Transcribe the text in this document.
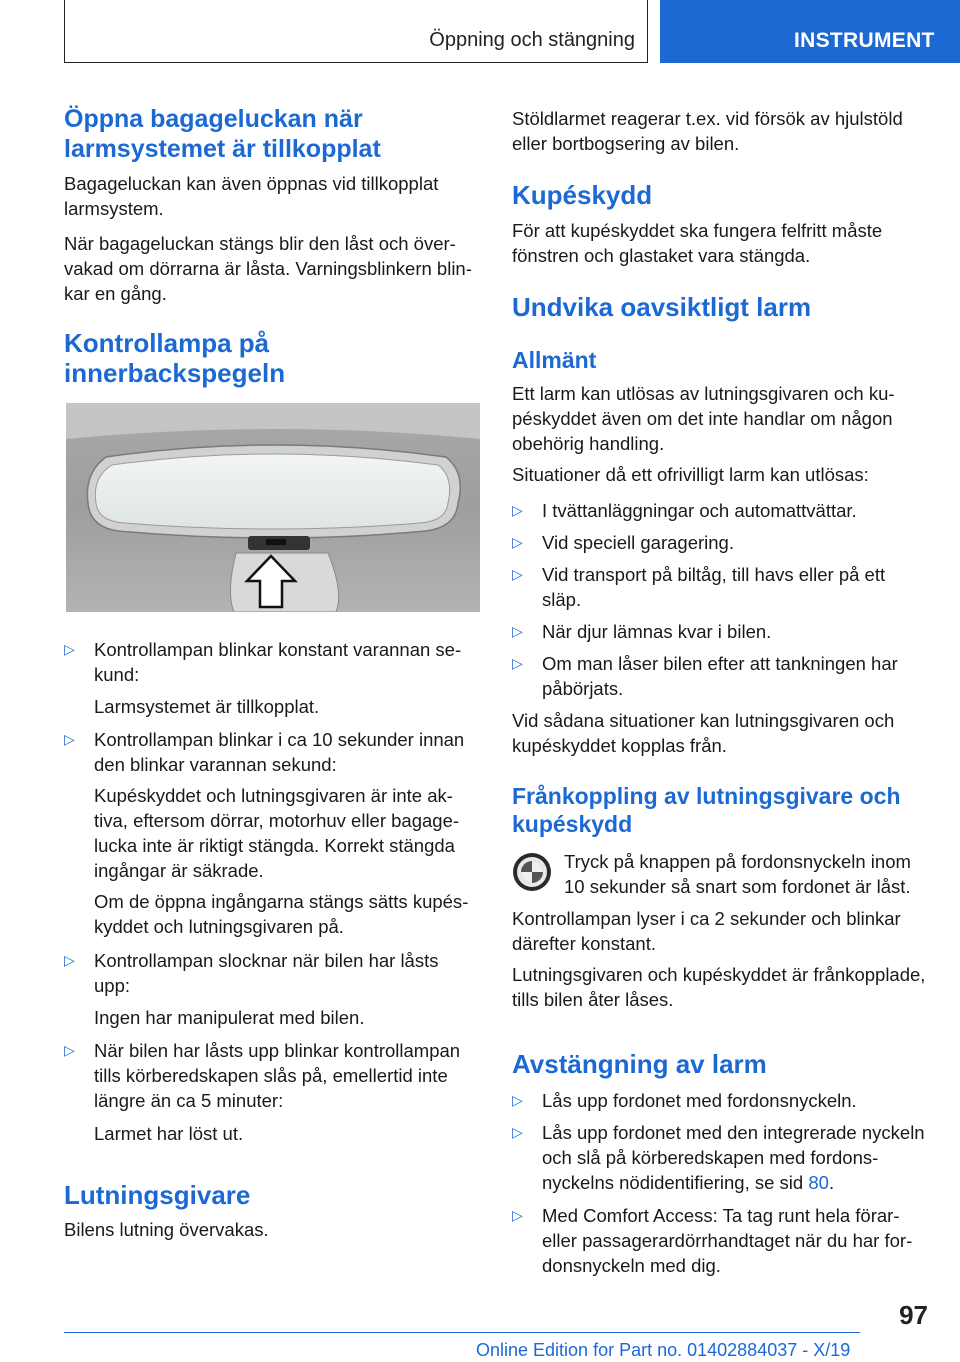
Öppning och stängning	INSTRUMENT
Öppna bagageluckan när larmsystemet är tillkopplat

Bagageluckan kan även öppnas vid tillkopplat larmsystem.

När bagageluckan stängs blir den låst och övervakad om dörrarna är låsta. Varningsblinkern blinkar en gång.

Kontrollampa på innerbackspegeln
▷ Kontrollampan blinkar konstant varannan sekund:

Larmsystemet är tillkopplat.

▷ Kontrollampan blinkar i ca 10 sekunder innan den blinkar varannan sekund:

Kupéskyddet och lutningsgivaren är inte aktiva, eftersom dörrar, motorhuv eller bagagelucka inte är riktigt stängda. Korrekt stängda ingångar är säkrade.

Om de öppna ingångarna stängs sätts kupéskyddet och lutningsgivaren på.

▷ Kontrollampan slocknar när bilen har låsts upp:

Ingen har manipulerat med bilen.

▷ När bilen har låsts upp blinkar kontrollampan tills körberedskapen slås på, emellertid inte längre än ca 5 minuter:

Larmet har löst ut.

Lutningsgivare

Bilens lutning övervakas.

Stöldlarmet reagerar t.ex. vid försök av hjulstöld eller bortbogsering av bilen.

Kupéskydd

För att kupéskyddet ska fungera felfritt måste fönstren och glastaket vara stängda.

Undvika oavsiktligt larm
Allmänt

Ett larm kan utlösas av lutningsgivaren och kupéskyddet även om det inte handlar om någon obehörig handling.

Situationer då ett ofrivilligt larm kan utlösas:

▷ I tvättanläggningar och automattvättar.
▷ Vid speciell garagering.
▷ Vid transport på biltåg, till havs eller på ett släp.
▷ När djur lämnas kvar i bilen.
▷ Om man låser bilen efter att tankningen har påbörjats.

Vid sådana situationer kan lutningsgivaren och kupéskyddet kopplas från.

Frånkoppling av lutningsgivare och kupéskydd

Tryck på knappen på fordonsnyckeln inom 10 sekunder så snart som fordonet är låst.

Kontrollampan lyser i ca 2 sekunder och blinkar därefter konstant.

Lutningsgivaren och kupéskyddet är frånkopplade, tills bilen åter låses.

Avstängning av larm
▷ Lås upp fordonet med fordonsnyckeln.
▷ Lås upp fordonet med den integrerade nyckeln och slå på körberedskapen med fordonsnyckelns nödidentifiering, se sid 80.
▷ Med Comfort Access: Ta tag runt hela förar- eller passagerardörrhandtaget när du har fordonsnyckeln med dig.
97
Online Edition for Part no. 01402884037 - X/19
